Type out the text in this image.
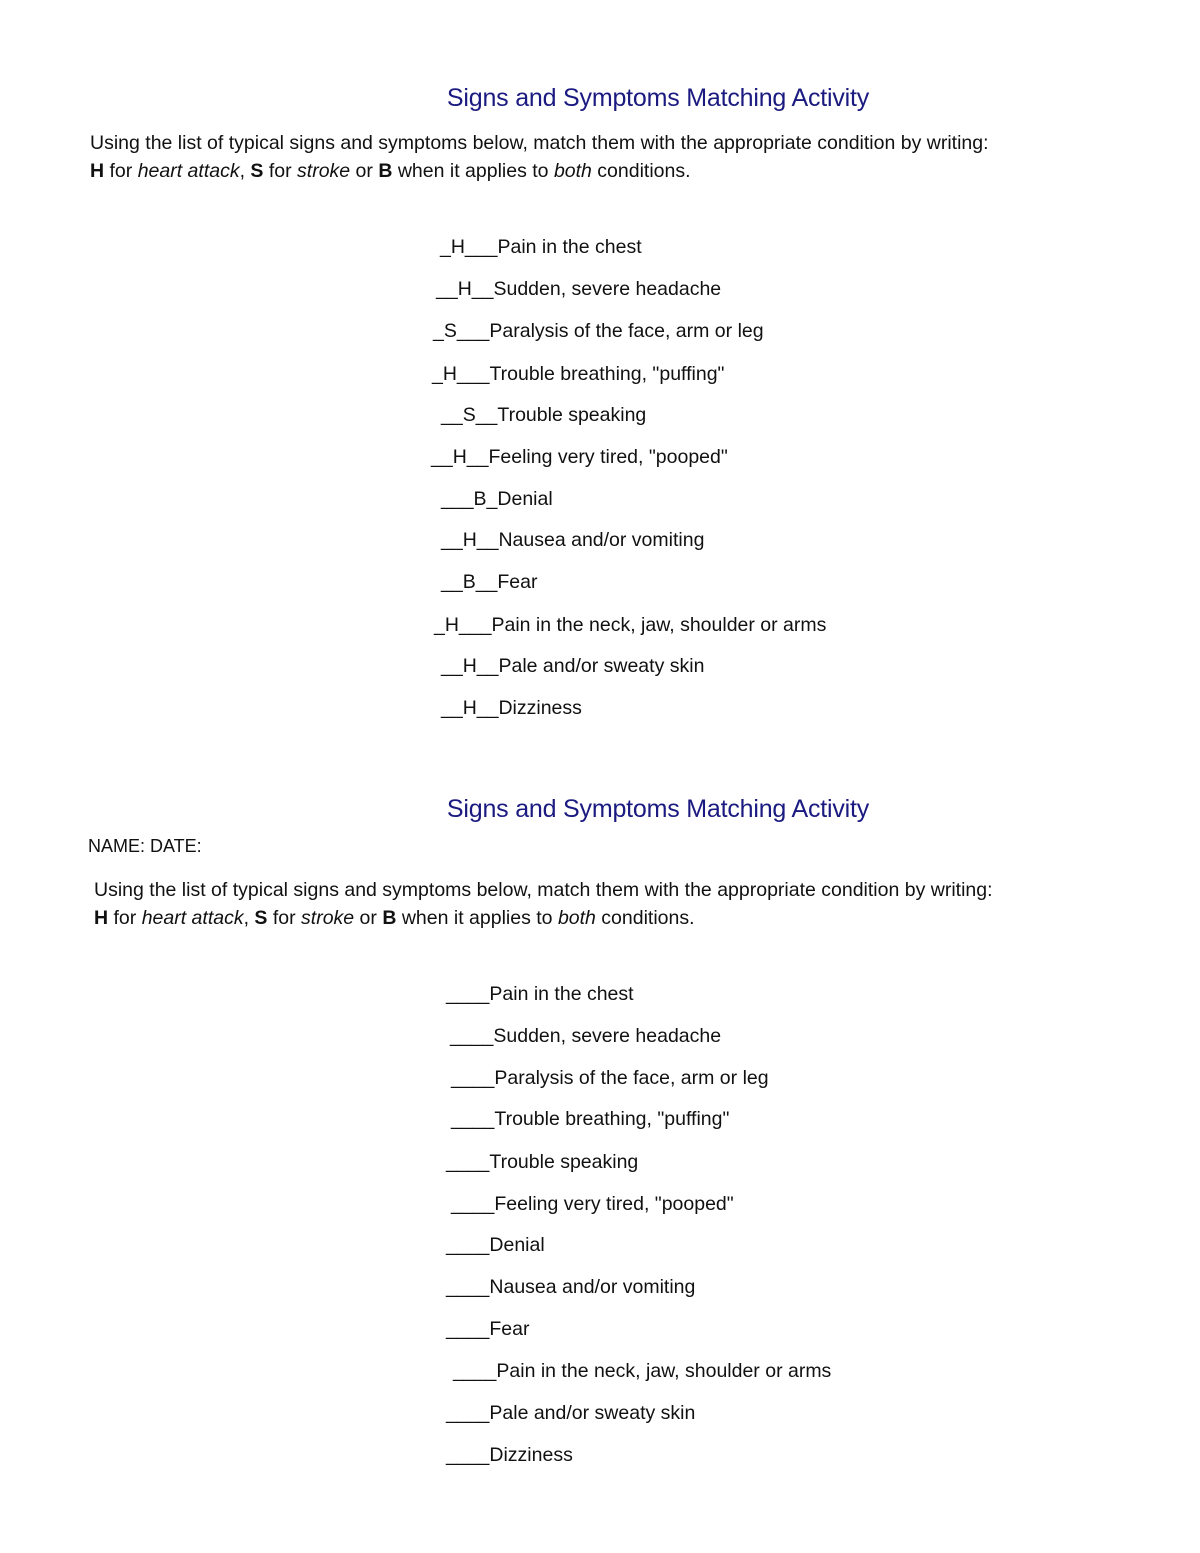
Signs and Symptoms Matching Activity
Using the list of typical signs and symptoms below, match them with the appropriate condition by writing:
H for heart attack, S for stroke or B when it applies to both conditions.
_H___Pain in the chest
__H__Sudden, severe headache
_S___Paralysis of the face, arm or leg
_H___Trouble breathing, "puffing"
__S__Trouble speaking
__H__Feeling very tired, "pooped"
___B_Denial
__H__Nausea and/or vomiting
__B__Fear
_H___Pain in the neck, jaw, shoulder or arms
__H__Pale and/or sweaty skin
__H__Dizziness
Signs and Symptoms Matching Activity
NAME: DATE:
Using the list of typical signs and symptoms below, match them with the appropriate condition by writing:
H for heart attack, S for stroke or B when it applies to both conditions.
____Pain in the chest
____Sudden, severe headache
____Paralysis of the face, arm or leg
____Trouble breathing, "puffing"
____Trouble speaking
____Feeling very tired, "pooped"
____Denial
____Nausea and/or vomiting
____Fear
____Pain in the neck, jaw, shoulder or arms
____Pale and/or sweaty skin
____Dizziness
